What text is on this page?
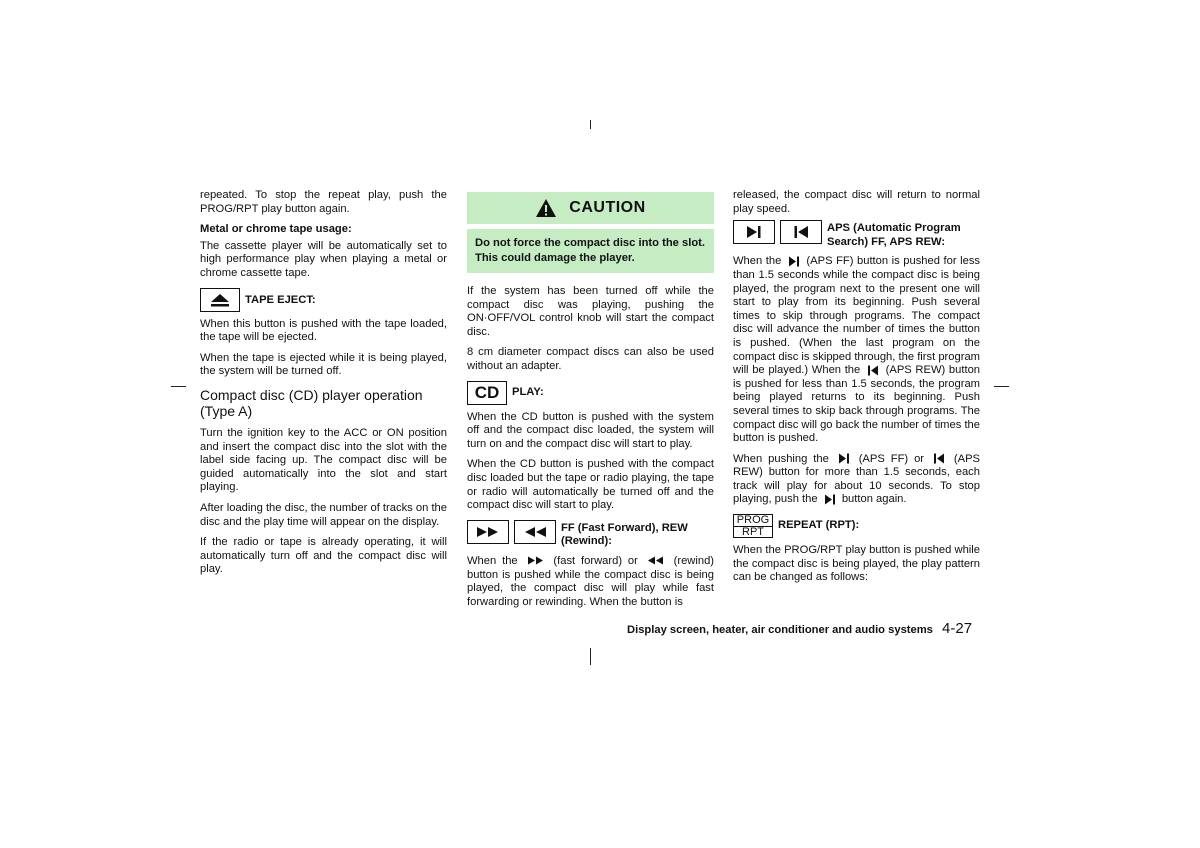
repeated. To stop the repeat play, push the PROG/RPT play button again.

Metal or chrome tape usage:

The cassette player will be automatically set to high performance play when playing a metal or chrome cassette tape.

TAPE EJECT:

When this button is pushed with the tape loaded, the tape will be ejected.

When the tape is ejected while it is being played, the system will be turned off.

Compact disc (CD) player operation (Type A)

Turn the ignition key to the ACC or ON position and insert the compact disc into the slot with the label side facing up. The compact disc will be guided automatically into the slot and start playing.

After loading the disc, the number of tracks on the disc and the play time will appear on the display.

If the radio or tape is already operating, it will automatically turn off and the compact disc will play.

CAUTION
Do not force the compact disc into the slot. This could damage the player.

If the system has been turned off while the compact disc was playing, pushing the ON·OFF/VOL control knob will start the compact disc.

8 cm diameter compact discs can also be used without an adapter.

CD PLAY:

When the CD button is pushed with the system off and the compact disc loaded, the system will turn on and the compact disc will start to play.

When the CD button is pushed with the compact disc loaded but the tape or radio playing, the tape or radio will automatically be turned off and the compact disc will start to play.

FF (Fast Forward), REW (Rewind):

When the	(fast forward) or	(rewind) button is pushed while the compact disc is being played, the compact disc will play while fast forwarding or rewinding. When the button is

released, the compact disc will return to normal play speed.

APS (Automatic Program Search) FF, APS REW:

When the (APS FF) button is pushed for less than 1.5 seconds while the compact disc is being played, the program next to the present one will start to play from its beginning. Push several times to skip through programs. The compact disc will advance the number of times the button is pushed. (When the last program on the compact disc is skipped through, the first program will be played.) When the (APS REW) button is pushed for less than 1.5 seconds, the program being played returns to its beginning. Push several times to skip back through programs. The compact disc will go back the number of times the button is pushed.

When pushing the	(APS FF) or	(APS REW) button for more than 1.5 seconds, each track will play for about 10 seconds. To stop playing, push the button again.

PROG
RPT
REPEAT (RPT):

When the PROG/RPT play button is pushed while the compact disc is being played, the play pattern can be changed as follows:

Display screen, heater, air conditioner and audio systems 4-27
